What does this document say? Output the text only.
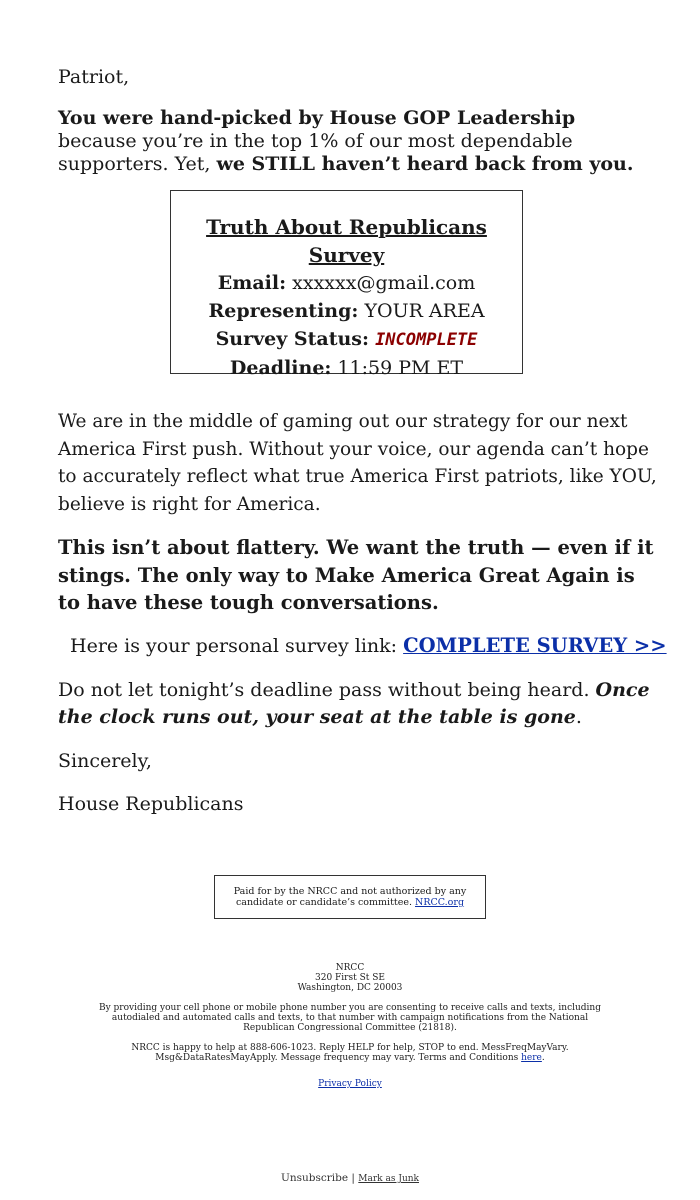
Patriot,
You were hand-picked by House GOP Leadership because you’re in the top 1% of our most dependable supporters. Yet, we STILL haven’t heard back from you.
Truth About Republicans Survey
Email: xxxxxx@gmail.com
Representing: YOUR AREA
Survey Status: INCOMPLETE
Deadline: 11:59 PM ET
We are in the middle of gaming out our strategy for our next America First push. Without your voice, our agenda can’t hope to accurately reflect what true America First patriots, like YOU, believe is right for America.
This isn’t about flattery. We want the truth — even if it stings. The only way to Make America Great Again is to have these tough conversations.
Here is your personal survey link: COMPLETE SURVEY >>
Do not let tonight’s deadline pass without being heard. Once the clock runs out, your seat at the table is gone.
Sincerely,
House Republicans
Paid for by the NRCC and not authorized by any candidate or candidate’s committee. NRCC.org
NRCC
320 First St SE
Washington, DC 20003
By providing your cell phone or mobile phone number you are consenting to receive calls and texts, including autodialed and automated calls and texts, to that number with campaign notifications from the National Republican Congressional Committee (21818).
NRCC is happy to help at 888-606-1023. Reply HELP for help, STOP to end. MessFreqMayVary. Msg&DataRatesMayApply. Message frequency may vary. Terms and Conditions here.
Privacy Policy
Unsubscribe | Mark as Junk
